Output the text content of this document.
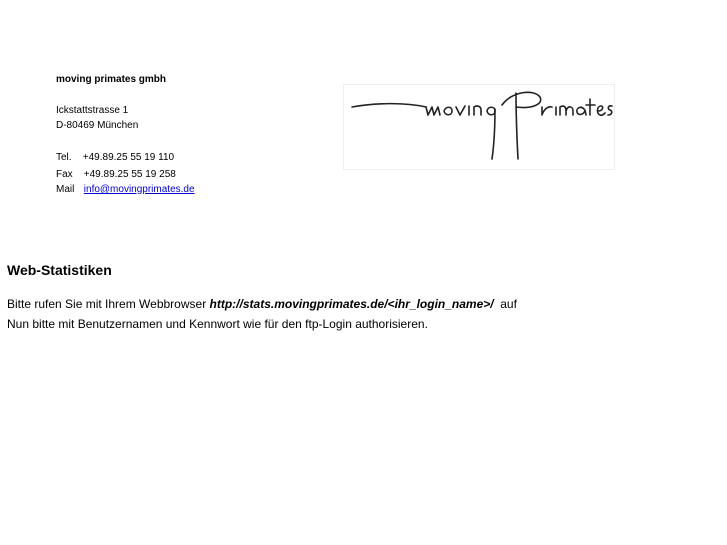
moving primates gmbh
Ickstattstrasse 1
D-80469 München
Tel. +49.89.25 55 19 110
Fax +49.89.25 55 19 258
Mail info@movingprimates.de
Web-Statistiken
Bitte rufen Sie mit Ihrem Webbrowser http://stats.movingprimates.de/<ihr_login_name>/  auf
Nun bitte mit Benutzernamen und Kennwort wie für den ftp-Login authorisieren.
